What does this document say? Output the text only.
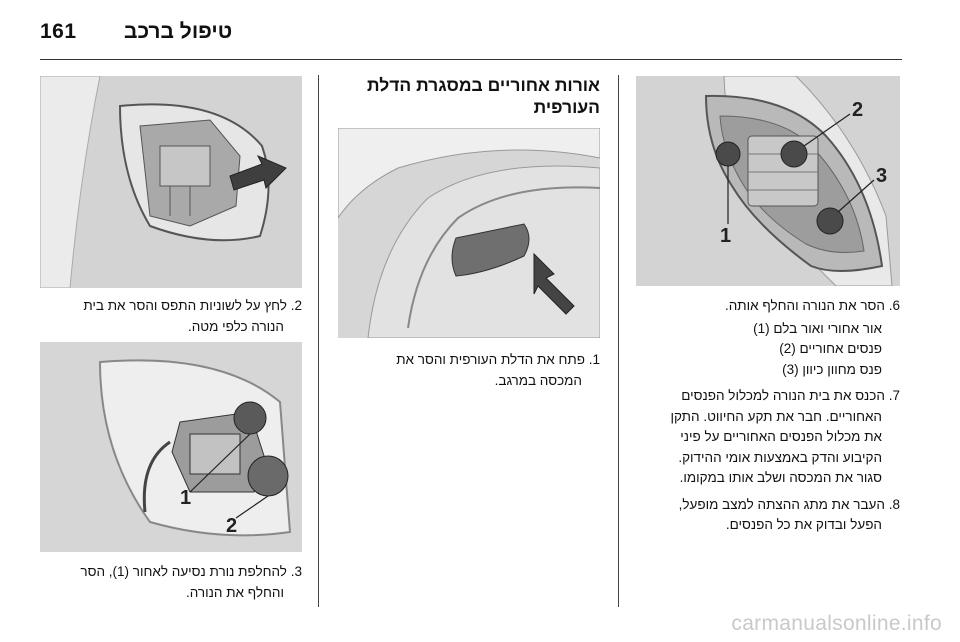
161 טיפול ברכב
2
3
1
6. הסר את הנורה והחלף אותה.
אור אחורי ואור בלם (1)
פנסים אחוריים (2)
פנס מחוון כיוון (3)
7. הכנס את בית הנורה למכלול הפנסים
האחוריים. חבר את תקע החיווט. התקן
את מכלול הפנסים האחוריים על פיני
הקיבוע והדק באמצעות אומי ההידוק.
סגור את המכסה ושלב אותו במקומו.
8. העבר את מתג ההצתה למצב מופעל,
הפעל ובדוק את כל הפנסים.
אורות אחוריים במסגרת הדלת העורפית
1. פתח את הדלת העורפית והסר את
המכסה במרגב.
2. לחץ על לשוניות התפס והסר את בית
הנורה כלפי מטה.
1
2
3. להחלפת נורת נסיעה לאחור (1), הסר
והחלף את הנורה.
carmanualsonline.info
